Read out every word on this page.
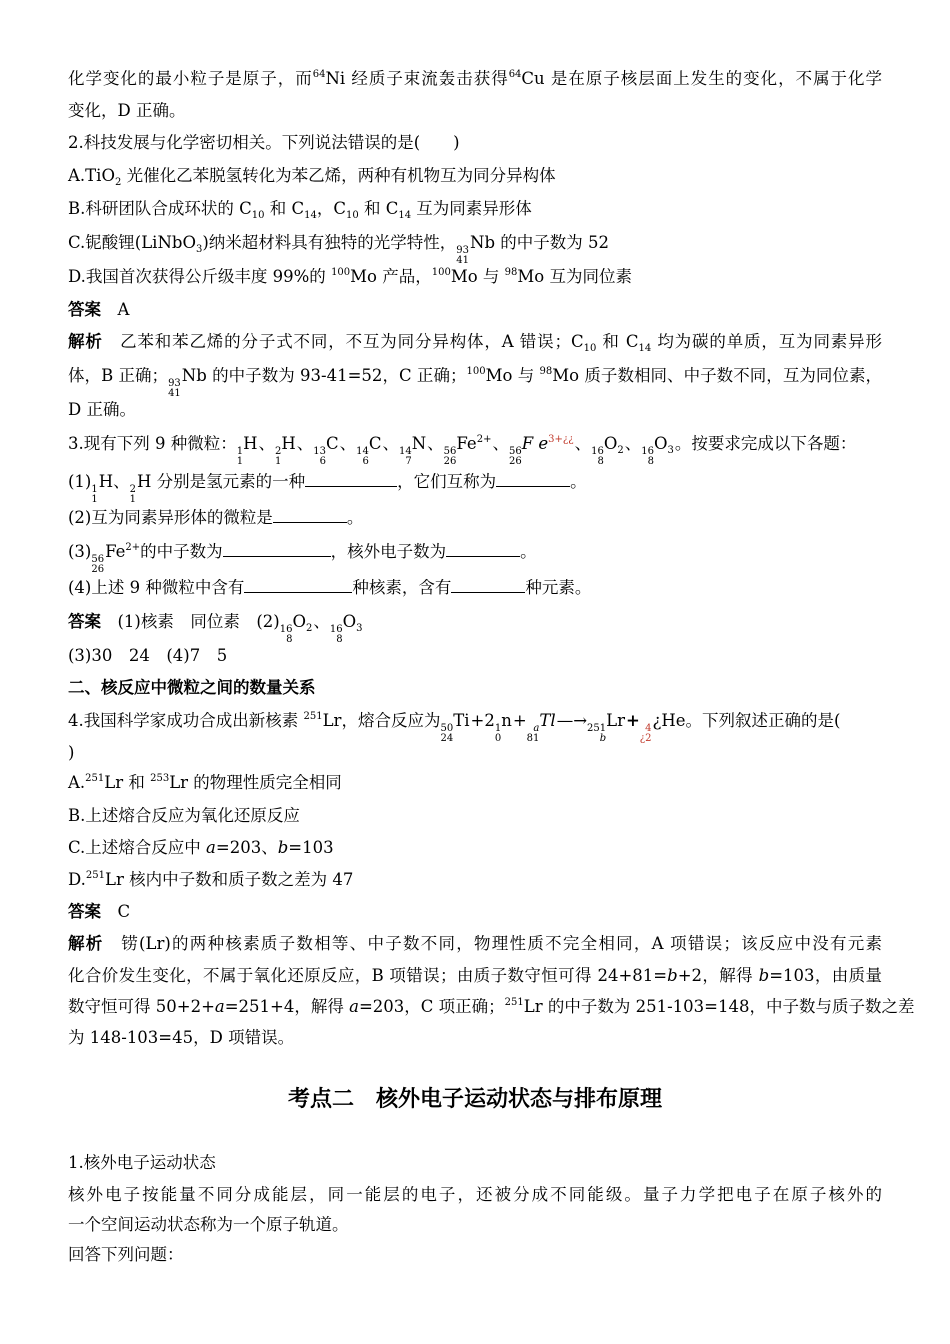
化学变化的最小粒子是原子，而$^{64}$Ni 经质子束流轰击获得$^{64}$Cu 是在原子核层面上发生的变化，不属于化学
变化，D 正确。
2.科技发展与化学密切相关。下列说法错误的是(　　)
A.TiO$_2$ 光催化乙苯脱氢转化为苯乙烯，两种有机物互为同分异构体
B.科研团队合成环状的 $C_{10}$ 和 $C_{14}$，$C_{10}$ 和 $C_{14}$ 互为同素异形体
C.铌酸锂(LiNbO$_3$)纳米超材料具有独特的光学特性， 93
41
Nb 的中子数为 52
D.我国首次获得公斤级丰度 99%的 $^{100}$Mo 产品，$^{100}$Mo 与 $^{98}$Mo 互为同位素
答案　 A
解析　 乙苯和苯乙烯的分子式不同，不互为同分异构体，A 错误；$C_{10}$ 和 $C_{14}$ 均为碳的单质，互为同素异形
体，B 正确； 93
41
Nb 的中子数为 93-41=52，C 正确；$^{100}$Mo 与 $^{98}$Mo 质子数相同、中子数不同，互为同位素，
D 正确。
3.现有下列 9 种微粒： 1
1
H、 2
1
H、 13
6
C、 14
6
C、 14
7
N、 56
26
$Fe^{2+}$、 56
26
F $e^{3+¿¿}$、 16
8
$O_2$、 16
8
$O_3$。按要求完成以下各题：
(1) 1
1
H、 2
1
H 分别是氢元素的一种	，它们互称为	。
(2)互为同素异形体的微粒是	。
(3) 56
26
$Fe^{2+}$的中子数为	，核外电子数为	。
(4)上述 9 种微粒中含有	种核素，含有	种元素。
答案　 (1)核素　同位素　(2) 16
8
$O_2$、 16
8
$O_3$
(3)30　24　(4)7　5
二、核反应中微粒之间的数量关系
4.我国科学家成功合成出新核素 $^{251}$Lr，熔合反应为 50
24
Ti+2 1
0
n+ a
81
Tl—→ 251
b
Lr+ 4
¿2
¿He。下列叙述正确的是(
)
A.$^{251}$Lr 和 $^{253}$Lr 的物理性质完全相同
B.上述熔合反应为氧化还原反应
C.上述熔合反应中 a=203、b=103
D.$^{251}$Lr 核内中子数和质子数之差为 47
答案　 C
解析　 铹(Lr)的两种核素质子数相等、中子数不同，物理性质不完全相同，A 项错误；该反应中没有元素
化合价发生变化，不属于氧化还原反应，B 项错误；由质子数守恒可得 24+81=b+2，解得 b=103，由质量
数守恒可得 50+2+a=251+4，解得 a=203，C 项正确；$^{251}$Lr 的中子数为 251-103=148，中子数与质子数之差
为 148-103=45，D 项错误。
考点二　核外电子运动状态与排布原理
1.核外电子运动状态
核外电子按能量不同分成能层，同一能层的电子，还被分成不同能级。量子力学把电子在原子核外的
一个空间运动状态称为一个原子轨道。
回答下列问题：
